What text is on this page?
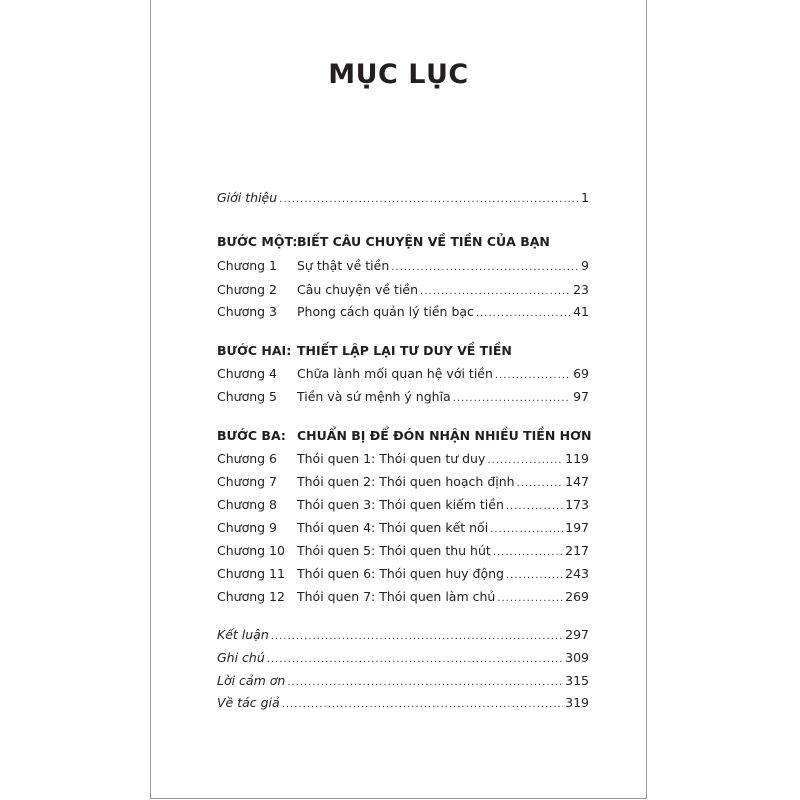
MỤC LỤC
Giới thiệu .....	1
BƯỚC MỘT: BIẾT CÂU CHUYỆN VỀ TIỀN CỦA BẠN
Chương 1	Sự thật về tiền .....	9
Chương 2	Câu chuyện về tiền .....	23
Chương 3	Phong cách quản lý tiền bạc .....	41
BƯỚC HAI: THIẾT LẬP LẠI TƯ DUY VỀ TIỀN
Chương 4	Chữa lành mối quan hệ với tiền .....	69
Chương 5	Tiền và sứ mệnh ý nghĩa .....	97
BƯỚC BA: CHUẨN BỊ ĐỂ ĐÓN NHẬN NHIỀU TIỀN HƠN
Chương 6	Thói quen 1: Thói quen tư duy .....	119
Chương 7	Thói quen 2: Thói quen hoạch định .....	147
Chương 8	Thói quen 3: Thói quen kiếm tiền .....	173
Chương 9	Thói quen 4: Thói quen kết nối .....	197
Chương 10 Thói quen 5: Thói quen thu hút .....	217
Chương 11 Thói quen 6: Thói quen huy động .....	243
Chương 12 Thói quen 7: Thói quen làm chủ .....	269
Kết luận .....	297
Ghi chú .....	309
Lời cảm ơn .....	315
Về tác giả .....	319
